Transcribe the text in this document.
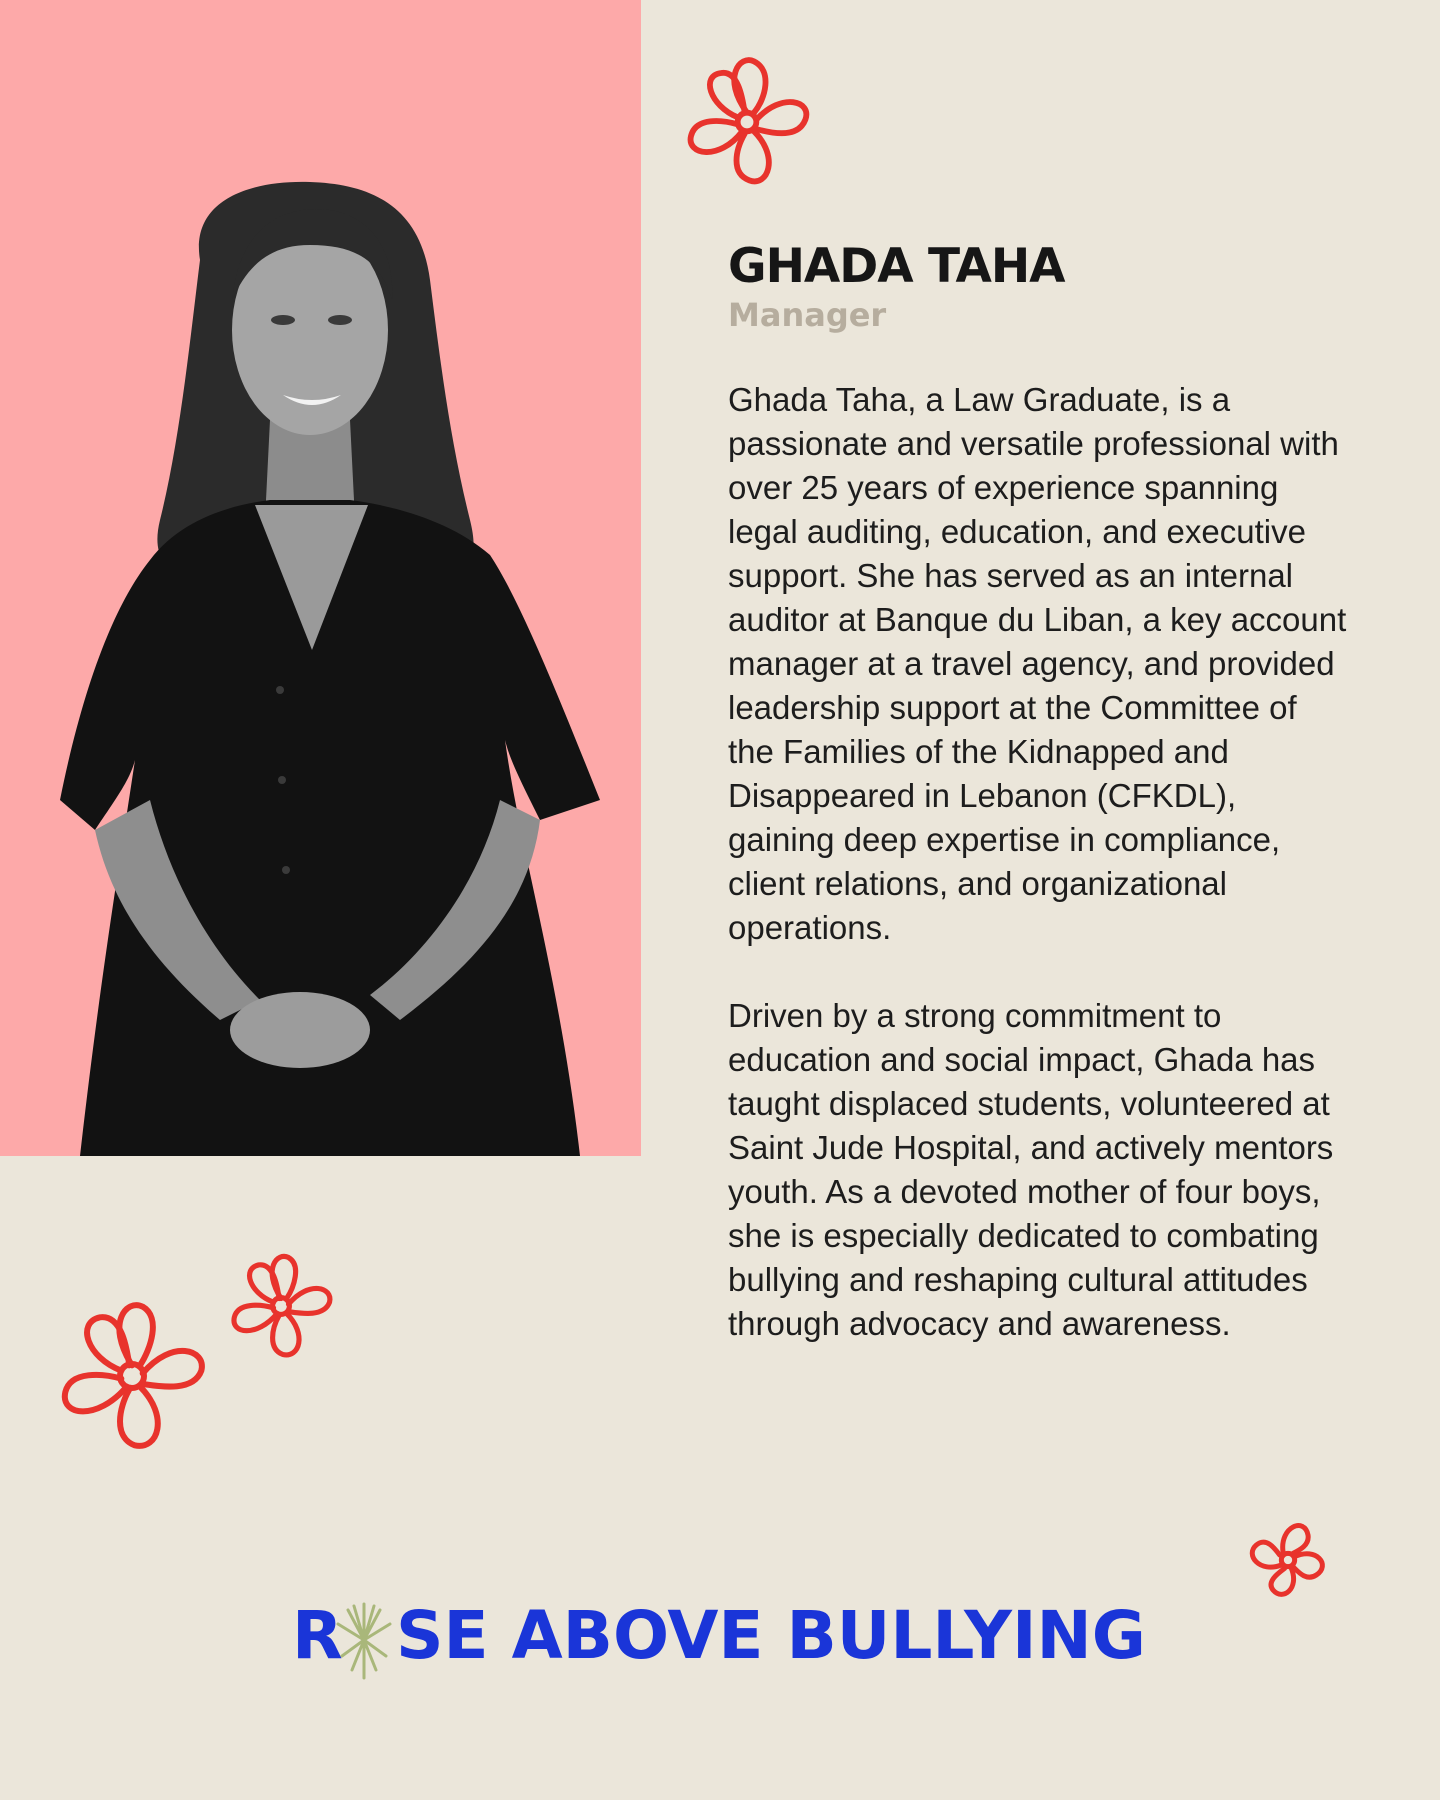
GHADA TAHA

Manager

Ghada Taha, a Law Graduate, is a passionate and versatile professional with over 25 years of experience spanning legal auditing, education, and executive support. She has served as an internal auditor at Banque du Liban, a key account manager at a travel agency, and provided leadership support at the Committee of the Families of the Kidnapped and Disappeared in Lebanon (CFKDL), gaining deep expertise in compliance, client relations, and organizational operations.

Driven by a strong commitment to education and social impact, Ghada has taught displaced students, volunteered at Saint Jude Hospital, and actively mentors youth. As a devoted mother of four boys, she is especially dedicated to combating bullying and reshaping cultural attitudes through advocacy and awareness.

R SE ABOVE BULLYING
